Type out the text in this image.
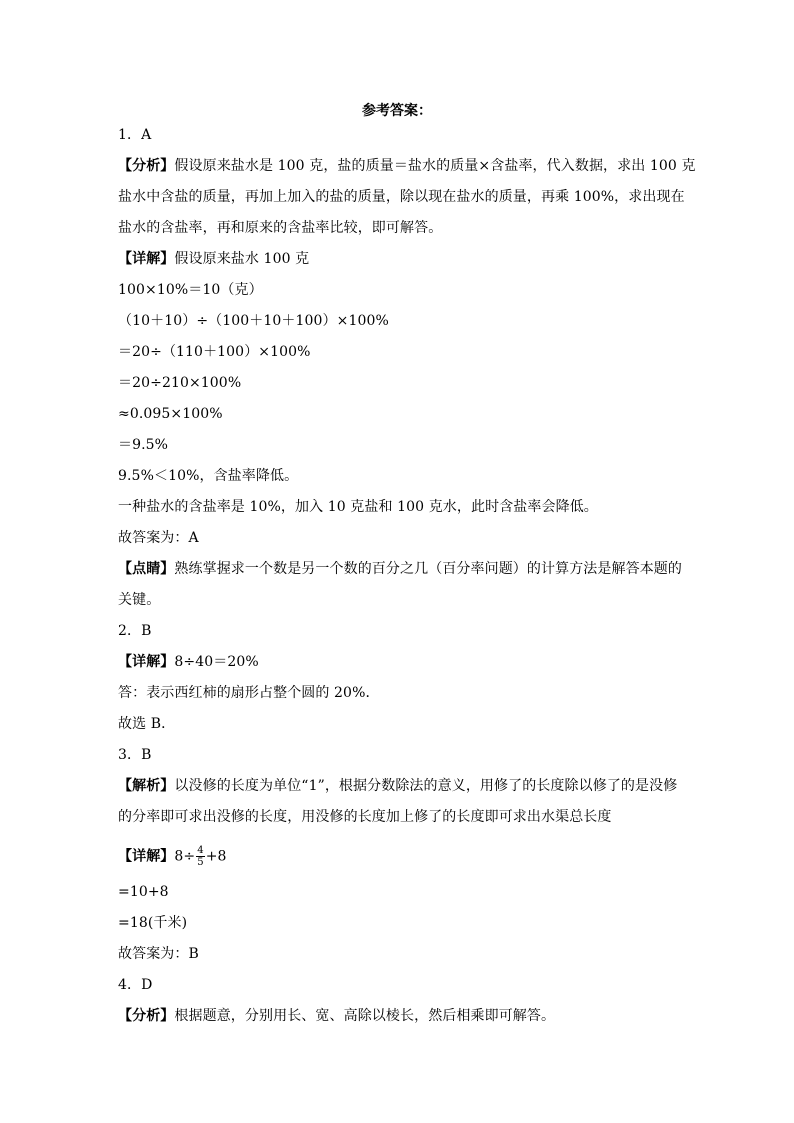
参考答案：
1．A
【分析】假设原来盐水是 100 克，盐的质量＝盐水的质量×含盐率，代入数据，求出 100 克
盐水中含盐的质量，再加上加入的盐的质量，除以现在盐水的质量，再乘 100%，求出现在
盐水的含盐率，再和原来的含盐率比较，即可解答。
【详解】假设原来盐水 100 克
100×10%＝10（克）
（10＋10）÷（100＋10＋100）×100%
＝20÷（110＋100）×100%
＝20÷210×100%
≈0.095×100%
＝9.5%
9.5%＜10%，含盐率降低。
一种盐水的含盐率是 10%，加入 10 克盐和 100 克水，此时含盐率会降低。
故答案为：A
【点睛】熟练掌握求一个数是另一个数的百分之几（百分率问题）的计算方法是解答本题的
关键。
2．B
【详解】8÷40＝20%
答：表示西红柿的扇形占整个圆的 20%．
故选 B．
3．B
【解析】以没修的长度为单位“1”，根据分数除法的意义，用修了的长度除以修了的是没修
的分率即可求出没修的长度，用没修的长度加上修了的长度即可求出水渠总长度
【详解】$8\div \frac{4}{5} +8$
=10+8
=18(千米)
故答案为：B
4．D
【分析】根据题意，分别用长、宽、高除以棱长，然后相乘即可解答。
